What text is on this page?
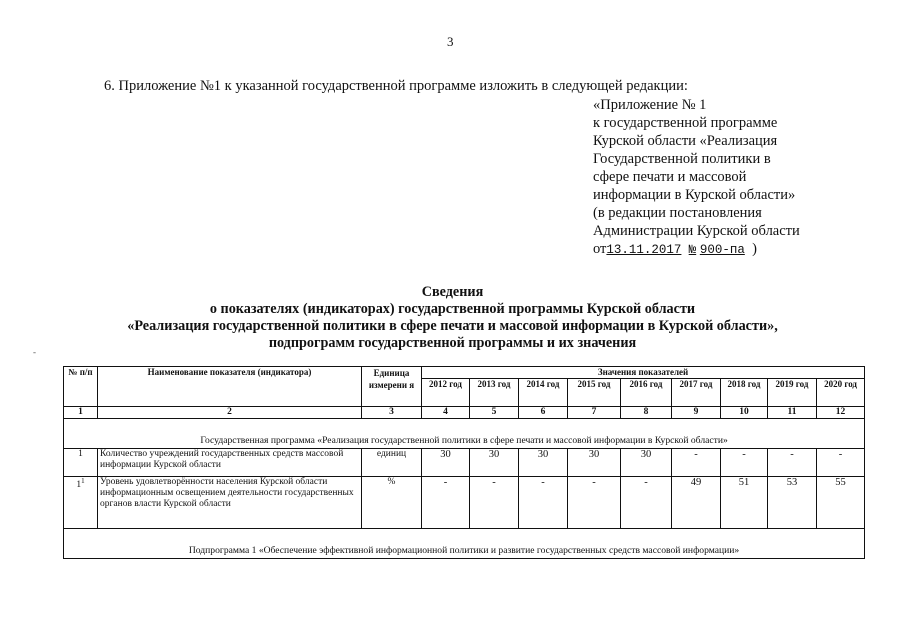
3
6. Приложение №1 к указанной государственной программе изложить в следующей редакции:
«Приложение № 1
к государственной программе
Курской области «Реализация
Государственной политики в
сфере печати и массовой
информации в Курской области»
(в редакции постановления
Администрации Курской области
от13.11.2017 № 900-па )
Сведения
о показателях (индикаторах) государственной программы Курской области
«Реализация государственной политики в сфере печати и массовой информации в Курской области»,
подпрограмм государственной программы и их значения
-
№ п/п	Наименование показателя (индикатора)	Единица измерени я	Значения показателей								
			2012 год	2013 год	2014 год	2015 год	2016 год	2017 год	2018 год	2019 год	2020 год
1	2	3	4	5	6	7	8	9	10	11	12
Государственная программа «Реализация государственной политики в сфере печати и массовой информации в Курской области»											
1	Количество учреждений государственных средств массовой информации Курской области	единиц	30	30	30	30	30	-	-	-	-
$1^1$	Уровень удовлетворённости населения Курской области информационным освещением деятельности государственных органов власти Курской области	%	-	-	-	-	-	49	51	53	55
Подпрограмма 1 «Обеспечение эффективной информационной политики и развитие государственных средств массовой информации»											
